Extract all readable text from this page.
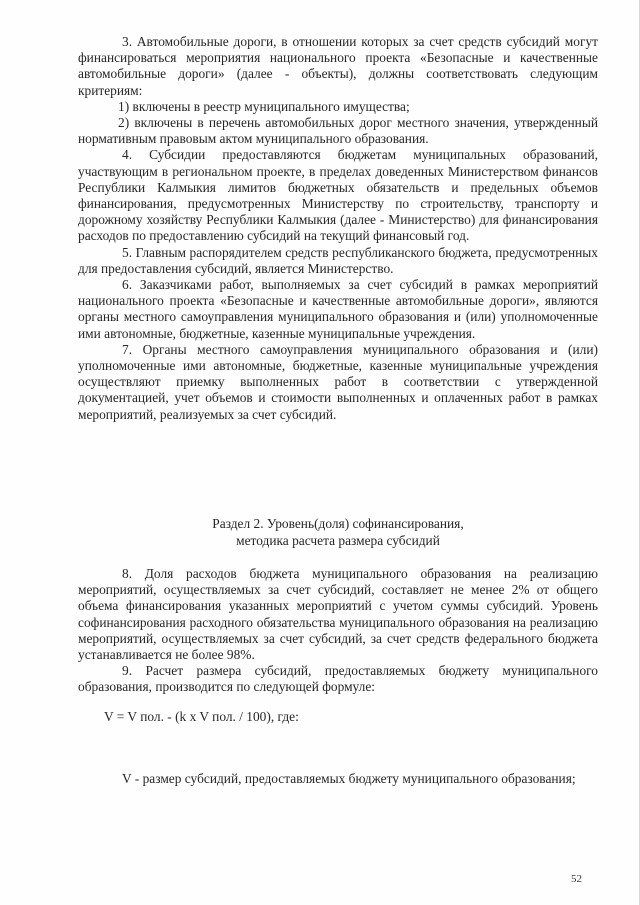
3. Автомобильные дороги, в отношении которых за счет средств субсидий могут финансироваться мероприятия национального проекта «Безопасные и качественные автомобильные дороги» (далее - объекты), должны соответствовать следующим критериям:

1) включены в реестр муниципального имущества;

2) включены в перечень автомобильных дорог местного значения, утвержденный нормативным правовым актом муниципального образования.

4. Субсидии предоставляются бюджетам муниципальных образований, участвующим в региональном проекте, в пределах доведенных Министерством финансов Республики Калмыкия лимитов бюджетных обязательств и предельных объемов финансирования, предусмотренных Министерству по строительству, транспорту и дорожному хозяйству Республики Калмыкия (далее - Министерство) для финансирования расходов по предоставлению субсидий на текущий финансовый год.

5. Главным распорядителем средств республиканского бюджета, предусмотренных для предоставления субсидий, является Министерство.

6. Заказчиками работ, выполняемых за счет субсидий в рамках мероприятий национального проекта «Безопасные и качественные автомобильные дороги», являются органы местного самоуправления муниципального образования и (или) уполномоченные ими автономные, бюджетные, казенные муниципальные учреждения.

7. Органы местного самоуправления муниципального образования и (или) уполномоченные ими автономные, бюджетные, казенные муниципальные учреждения осуществляют приемку выполненных работ в соответствии с утвержденной документацией, учет объемов и стоимости выполненных и оплаченных работ в рамках мероприятий, реализуемых за счет субсидий.

Раздел 2. Уровень(доля) софинансирования,
методика расчета размера субсидий

8. Доля расходов бюджета муниципального образования на реализацию мероприятий, осуществляемых за счет субсидий, составляет не менее 2% от общего объема финансирования указанных мероприятий с учетом суммы субсидий. Уровень софинансирования расходного обязательства муниципального образования на реализацию мероприятий, осуществляемых за счет субсидий, за счет средств федерального бюджета устанавливается не более 98%.

9. Расчет размера субсидий, предоставляемых бюджету муниципального образования, производится по следующей формуле:

V = V пол. - (k x V пол. / 100), где:

V - размер субсидий, предоставляемых бюджету муниципального образования;

52
